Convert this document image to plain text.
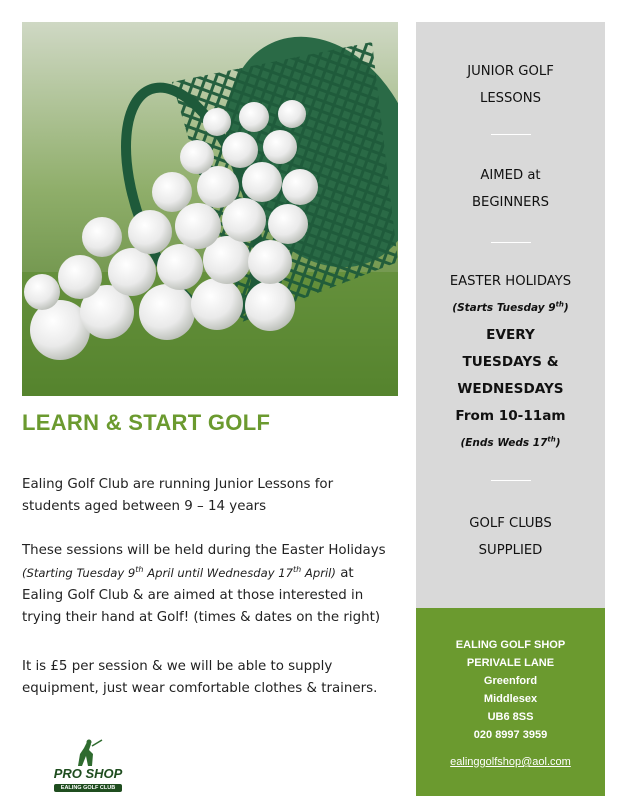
LEARN & START GOLF
Ealing Golf Club are running Junior Lessons for
students aged between 9 – 14 years
These sessions will be held during the Easter Holidays
(Starting Tuesday 9th April until Wednesday 17th April) at
Ealing Golf Club & are aimed at those interested in
trying their hand at Golf! (times & dates on the right)
It is £5 per session & we will be able to supply
equipment, just wear comfortable clothes & trainers.
JUNIOR GOLF
LESSONS
AIMED at
BEGINNERS
EASTER HOLIDAYS
(Starts Tuesday 9th)
EVERY
TUESDAYS &
WEDNESDAYS
From 10-11am
(Ends Weds 17th)
GOLF CLUBS
SUPPLIED
EALING GOLF SHOP
PERIVALE LANE
Greenford
Middlesex
UB6 8SS
020 8997 3959
ealinggolfshop@aol.com
PRO SHOP
EALING GOLF CLUB
